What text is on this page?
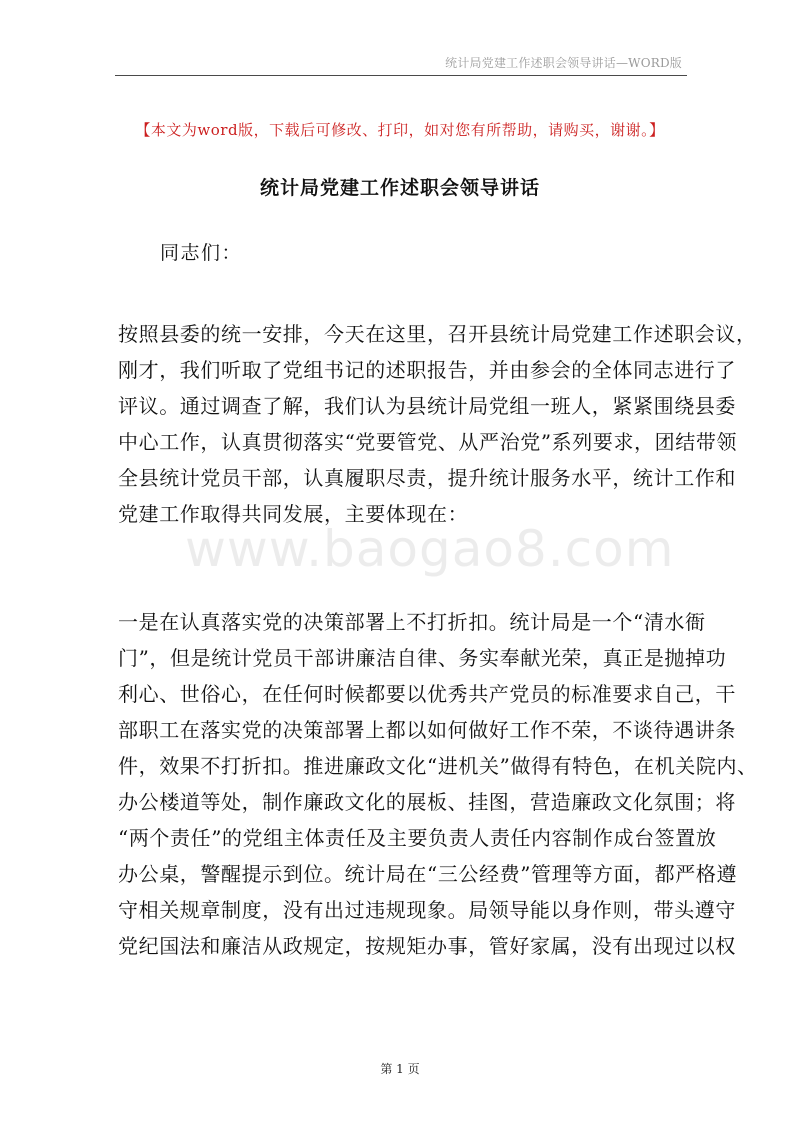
统计局党建工作述职会领导讲话—WORD版
【本文为word版，下载后可修改、打印，如对您有所帮助，请购买，谢谢。】
统计局党建工作述职会领导讲话
同志们：
按照县委的统一安排，今天在这里，召开县统计局党建工作述职会议，
刚才，我们听取了党组书记的述职报告，并由参会的全体同志进行了
评议。通过调查了解，我们认为县统计局党组一班人，紧紧围绕县委
中心工作，认真贯彻落实“党要管党、从严治党”系列要求，团结带领
全县统计党员干部，认真履职尽责，提升统计服务水平，统计工作和
党建工作取得共同发展，主要体现在：
www.baogao8.com
一是在认真落实党的决策部署上不打折扣。统计局是一个“清水衙
门”，但是统计党员干部讲廉洁自律、务实奉献光荣，真正是抛掉功
利心、世俗心，在任何时候都要以优秀共产党员的标准要求自己，干
部职工在落实党的决策部署上都以如何做好工作不荣，不谈待遇讲条
件，效果不打折扣。推进廉政文化“进机关”做得有特色，在机关院内、
办公楼道等处，制作廉政文化的展板、挂图，营造廉政文化氛围；将
“两个责任”的党组主体责任及主要负责人责任内容制作成台签置放
办公桌，警醒提示到位。统计局在“三公经费”管理等方面，都严格遵
守相关规章制度，没有出过违规现象。局领导能以身作则，带头遵守
党纪国法和廉洁从政规定，按规矩办事，管好家属，没有出现过以权
第 1 页
